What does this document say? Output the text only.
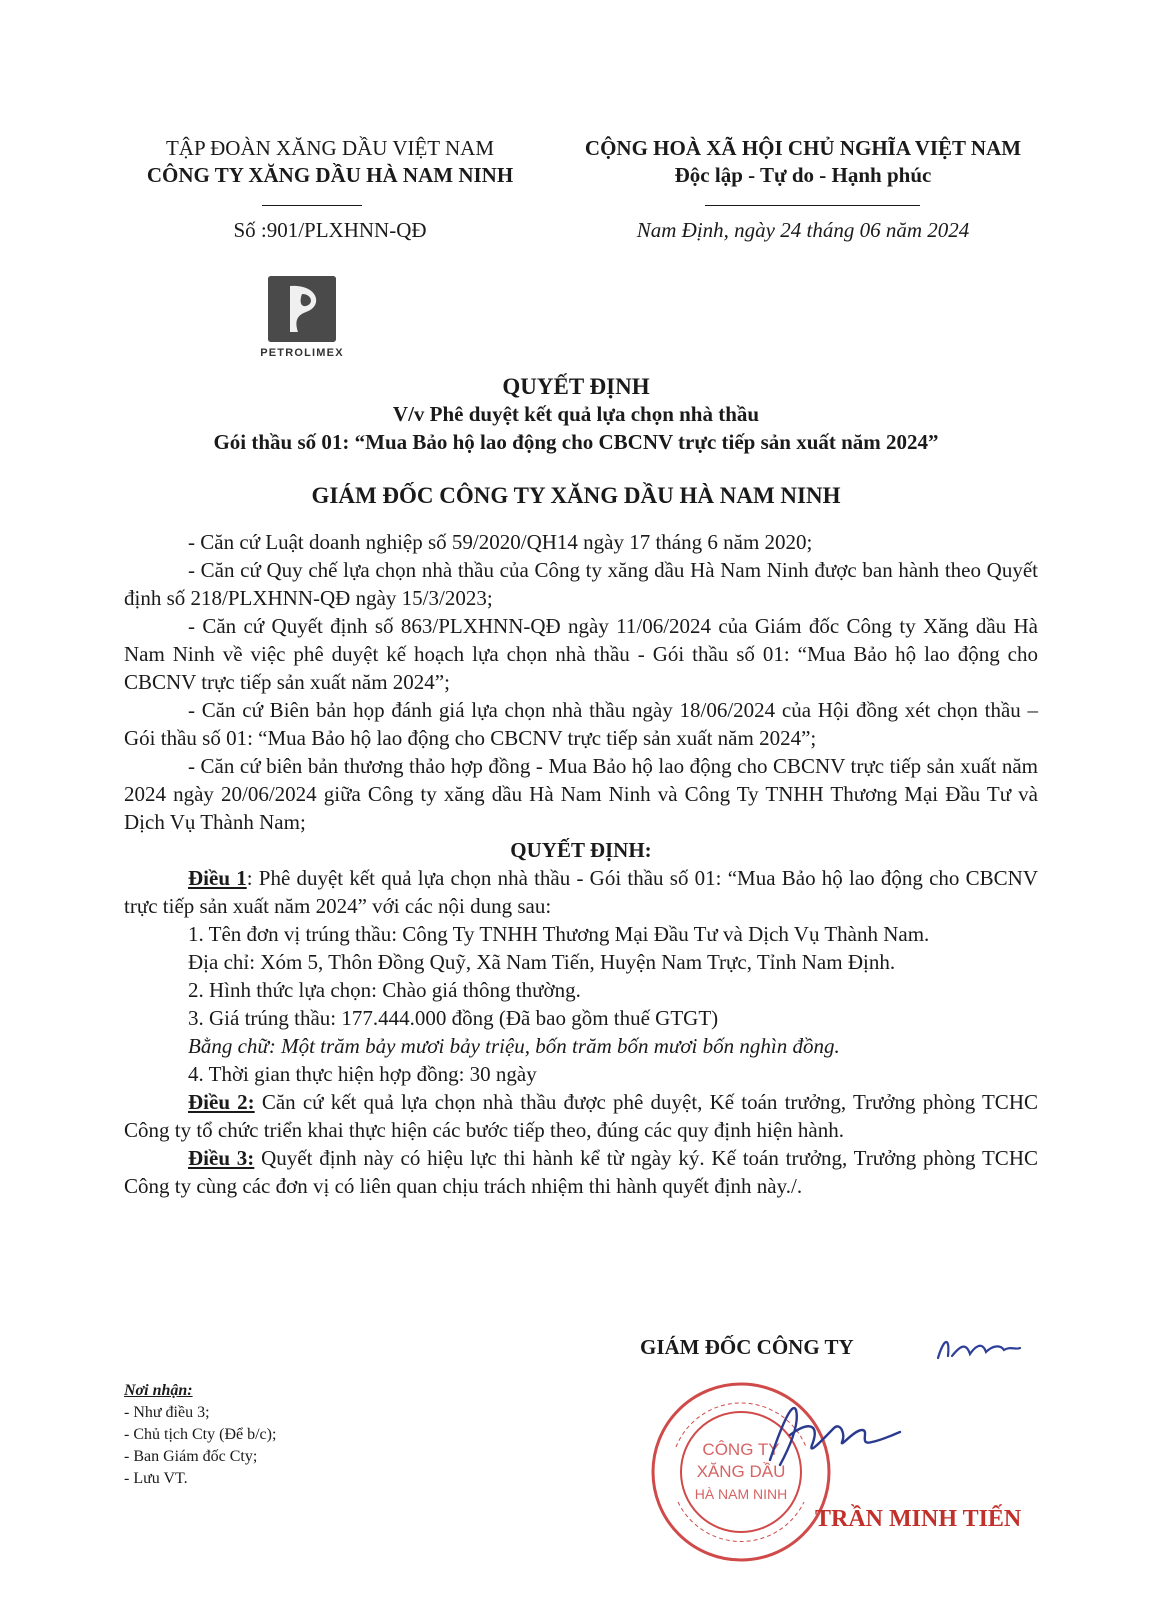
TẬP ĐOÀN XĂNG DẦU VIỆT NAM
CÔNG TY XĂNG DẦU HÀ NAM NINH
CỘNG HOÀ XÃ HỘI CHỦ NGHĨA VIỆT NAM
Độc lập - Tự do - Hạnh phúc
Số :901/PLXHNN-QĐ	Nam Định, ngày 24 tháng 06 năm 2024
PETROLIMEX
QUYẾT ĐỊNH
V/v Phê duyệt kết quả lựa chọn nhà thầu
Gói thầu số 01: “Mua Bảo hộ lao động cho CBCNV trực tiếp sản xuất năm 2024”
GIÁM ĐỐC CÔNG TY XĂNG DẦU HÀ NAM NINH

- Căn cứ Luật doanh nghiệp số 59/2020/QH14 ngày 17 tháng 6 năm 2020;

- Căn cứ Quy chế lựa chọn nhà thầu của Công ty xăng dầu Hà Nam Ninh được ban hành theo Quyết định số 218/PLXHNN-QĐ ngày 15/3/2023;

- Căn cứ Quyết định số 863/PLXHNN-QĐ ngày 11/06/2024 của Giám đốc Công ty Xăng dầu Hà Nam Ninh về việc phê duyệt kế hoạch lựa chọn nhà thầu - Gói thầu số 01: “Mua Bảo hộ lao động cho CBCNV trực tiếp sản xuất năm 2024”;

- Căn cứ Biên bản họp đánh giá lựa chọn nhà thầu ngày 18/06/2024 của Hội đồng xét chọn thầu – Gói thầu số 01: “Mua Bảo hộ lao động cho CBCNV trực tiếp sản xuất năm 2024”;

- Căn cứ biên bản thương thảo hợp đồng - Mua Bảo hộ lao động cho CBCNV trực tiếp sản xuất năm 2024 ngày 20/06/2024 giữa Công ty xăng dầu Hà Nam Ninh và Công Ty TNHH Thương Mại Đầu Tư và Dịch Vụ Thành Nam;

QUYẾT ĐỊNH:

Điều 1: Phê duyệt kết quả lựa chọn nhà thầu - Gói thầu số 01: “Mua Bảo hộ lao động cho CBCNV trực tiếp sản xuất năm 2024” với các nội dung sau:

1. Tên đơn vị trúng thầu: Công Ty TNHH Thương Mại Đầu Tư và Dịch Vụ Thành Nam.

Địa chỉ: Xóm 5, Thôn Đồng Quỹ, Xã Nam Tiến, Huyện Nam Trực, Tỉnh Nam Định.

2. Hình thức lựa chọn: Chào giá thông thường.

3. Giá trúng thầu: 177.444.000 đồng (Đã bao gồm thuế GTGT)

Bằng chữ: Một trăm bảy mươi bảy triệu, bốn trăm bốn mươi bốn nghìn đồng.

4. Thời gian thực hiện hợp đồng: 30 ngày

Điều 2: Căn cứ kết quả lựa chọn nhà thầu được phê duyệt, Kế toán trưởng, Trưởng phòng TCHC Công ty tổ chức triển khai thực hiện các bước tiếp theo, đúng các quy định hiện hành.

Điều 3: Quyết định này có hiệu lực thi hành kể từ ngày ký. Kế toán trưởng, Trưởng phòng TCHC Công ty cùng các đơn vị có liên quan chịu trách nhiệm thi hành quyết định này./.

GIÁM ĐỐC CÔNG TY
CÔNG TY
XĂNG DẦU
HÀ NAM NINH
TRẦN MINH TIẾN
Nơi nhận:
- Như điều 3;
- Chủ tịch Cty (Để b/c);
- Ban Giám đốc Cty;
- Lưu VT.
